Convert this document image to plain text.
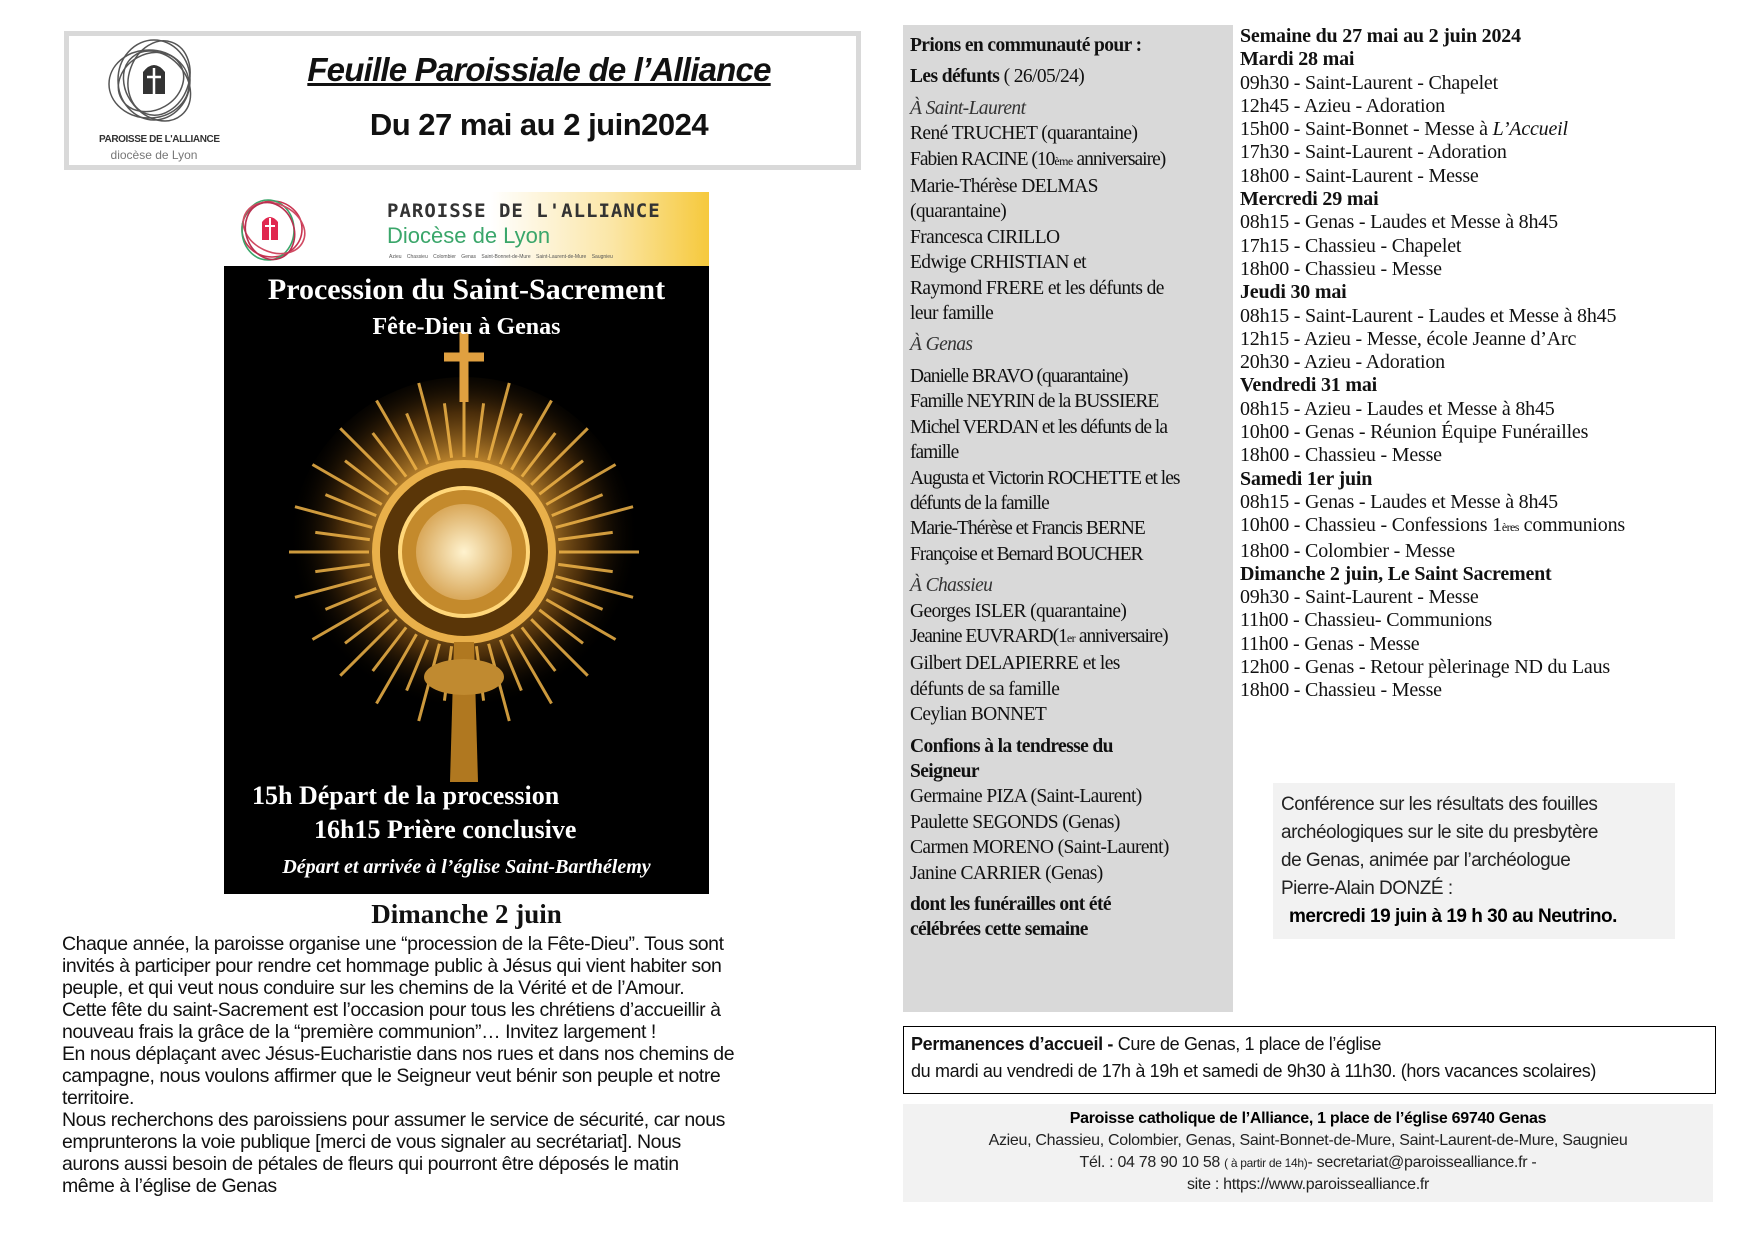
PAROISSE DE L'ALLIANCE
diocèse de Lyon
Feuille Paroissiale de l’Alliance
Du 27 mai au 2 juin2024
PAROISSE DE L'ALLIANCE
Diocèse de Lyon
Azieu Chassieu Colombier Genas Saint-Bonnet-de-Mure Saint-Laurent-de-Mure Saugnieu
Procession du Saint-Sacrement
Fête-Dieu à Genas
15h Départ de la procession
16h15 Prière conclusive
Départ et arrivée à l’église Saint-Barthélemy
Dimanche 2 juin
Chaque année, la paroisse organise une “procession de la Fête-Dieu”. Tous sont
invités à participer pour rendre cet hommage public à Jésus qui vient habiter son
peuple, et qui veut nous conduire sur les chemins de la Vérité et de l’Amour.
Cette fête du saint-Sacrement est l’occasion pour tous les chrétiens d’accueillir à
nouveau frais la grâce de la “première communion”… Invitez largement !
En nous déplaçant avec Jésus-Eucharistie dans nos rues et dans nos chemins de
campagne, nous voulons affirmer que le Seigneur veut bénir son peuple et notre
territoire.
Nous recherchons des paroissiens pour assumer le service de sécurité, car nous
emprunterons la voie publique [merci de vous signaler au secrétariat]. Nous
aurons aussi besoin de pétales de fleurs qui pourront être déposés le matin
même à l’église de Genas
Prions en communauté pour :
Les défunts ( 26/05/24)
À Saint-Laurent
René TRUCHET (quarantaine)
Fabien RACINE (10ème anniversaire)
Marie-Thérèse DELMAS
(quarantaine)
Francesca CIRILLO
Edwige CRHISTIAN et
Raymond FRERE et les défunts de
leur famille
À Genas
Danielle BRAVO (quarantaine)
Famille NEYRIN de la BUSSIERE
Michel VERDAN et les défunts de la
famille
Augusta et Victorin ROCHETTE et les
défunts de la famille
Marie-Thérèse et Francis BERNE
Françoise et Bernard BOUCHER
À Chassieu
Georges ISLER (quarantaine)
Jeanine EUVRARD(1er anniversaire)
Gilbert DELAPIERRE et les
défunts de sa famille
Ceylian BONNET
Confions à la tendresse du
Seigneur
Germaine PIZA (Saint-Laurent)
Paulette SEGONDS (Genas)
Carmen MORENO (Saint-Laurent)
Janine CARRIER (Genas)
dont les funérailles ont été
célébrées cette semaine
Semaine du 27 mai au 2 juin 2024
Mardi 28 mai
09h30 - Saint-Laurent - Chapelet
12h45 - Azieu - Adoration
15h00 - Saint-Bonnet - Messe à L’Accueil
17h30 - Saint-Laurent - Adoration
18h00 - Saint-Laurent - Messe
Mercredi 29 mai
08h15 - Genas - Laudes et Messe à 8h45
17h15 - Chassieu - Chapelet
18h00 - Chassieu - Messe
Jeudi 30 mai
08h15 - Saint-Laurent - Laudes et Messe à 8h45
12h15 - Azieu - Messe, école Jeanne d’Arc
20h30 - Azieu - Adoration
Vendredi 31 mai
08h15 - Azieu - Laudes et Messe à 8h45
10h00 - Genas - Réunion Équipe Funérailles
18h00 - Chassieu - Messe
Samedi 1er juin
08h15 - Genas - Laudes et Messe à 8h45
10h00 - Chassieu - Confessions 1ères communions
18h00 - Colombier - Messe
Dimanche 2 juin, Le Saint Sacrement
09h30 - Saint-Laurent - Messe
11h00 - Chassieu- Communions
11h00 - Genas - Messe
12h00 - Genas - Retour pèlerinage ND du Laus
18h00 - Chassieu - Messe
Conférence sur les résultats des fouilles
archéologiques sur le site du presbytère
de Genas, animée par l’archéologue
Pierre-Alain DONZÉ :
mercredi 19 juin à 19 h 30 au Neutrino.
Permanences d’accueil - Cure de Genas, 1 place de l’église
du mardi au vendredi de 17h à 19h et samedi de 9h30 à 11h30. (hors vacances scolaires)
Paroisse catholique de l’Alliance, 1 place de l’église 69740 Genas
Azieu, Chassieu, Colombier, Genas, Saint-Bonnet-de-Mure, Saint-Laurent-de-Mure, Saugnieu
Tél. : 04 78 90 10 58 ( à partir de 14h)- secretariat@paroissealliance.fr -
site : https://www.paroissealliance.fr
